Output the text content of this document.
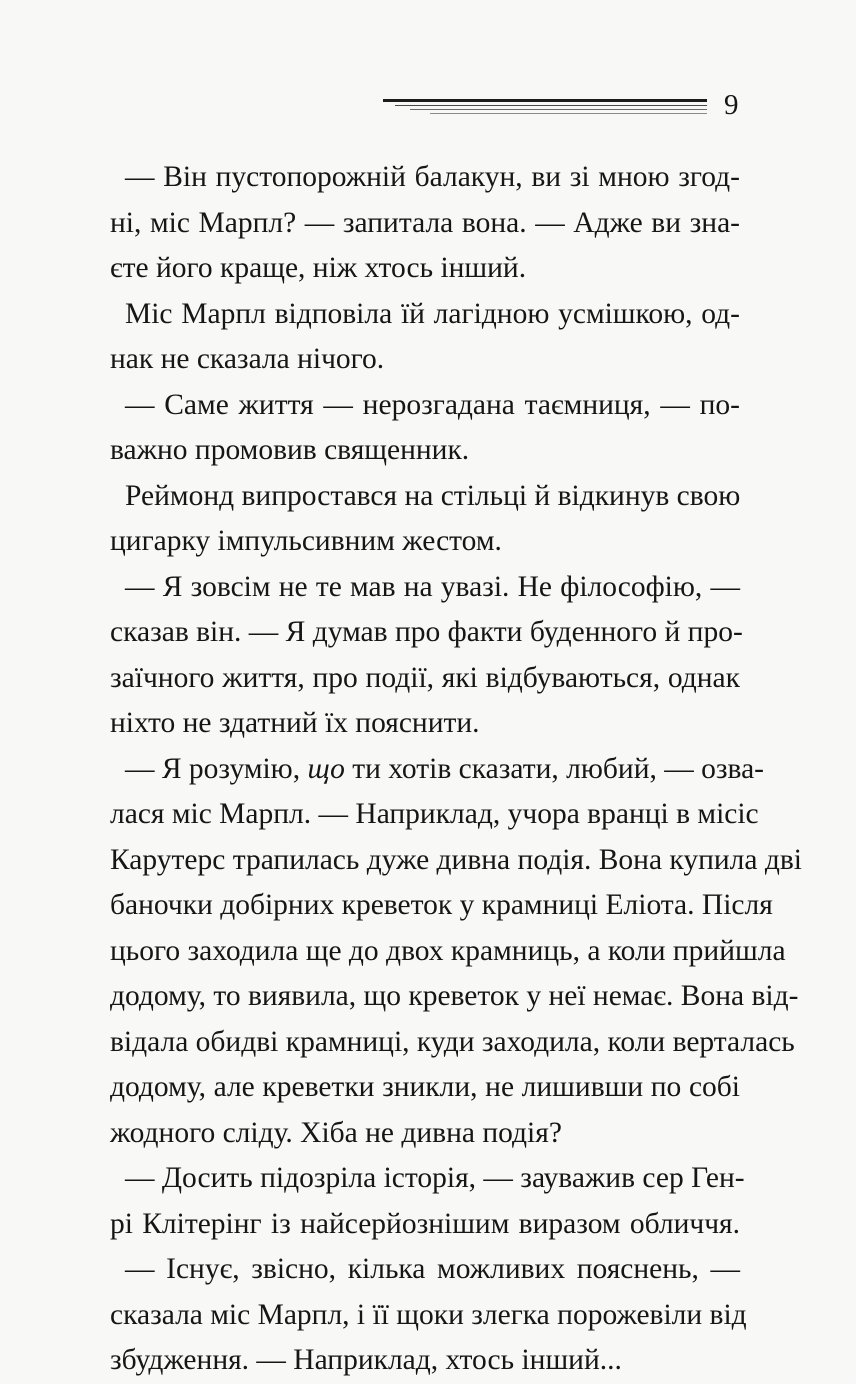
9
— Він пустопорожній балакун, ви зі мною згод-
ні, міс Марпл? — запитала вона. — Адже ви зна-
єте його краще, ніж хтось інший.
Міс Марпл відповіла їй лагідною усмішкою, од-
нак не сказала нічого.
— Саме життя — нерозгадана таємниця, — по-
важно промовив священник.
Реймонд випростався на стільці й відкинув свою
цигарку імпульсивним жестом.
— Я зовсім не те мав на увазі. Не філософію, —
сказав він. — Я думав про факти буденного й про-
заїчного життя, про події, які відбуваються, однак
ніхто не здатний їх пояснити.
— Я розумію, що ти хотів сказати, любий, — озва-
лася міс Марпл. — Наприклад, учора вранці в місіс
Карутерс трапилась дуже дивна подія. Вона купила дві
баночки добірних креветок у крамниці Еліота. Після
цього заходила ще до двох крамниць, а коли прийшла
додому, то виявила, що креветок у неї немає. Вона від-
відала обидві крамниці, куди заходила, коли верталась
додому, але креветки зникли, не лишивши по собі
жодного сліду. Хіба не дивна подія?
— Досить підозріла історія, — зауважив сер Ген-
рі Клітерінг із найсерйознішим виразом обличчя.
— Існує, звісно, кілька можливих пояснень, —
сказала міс Марпл, і її щоки злегка порожевіли від
збудження. — Наприклад, хтось інший...
